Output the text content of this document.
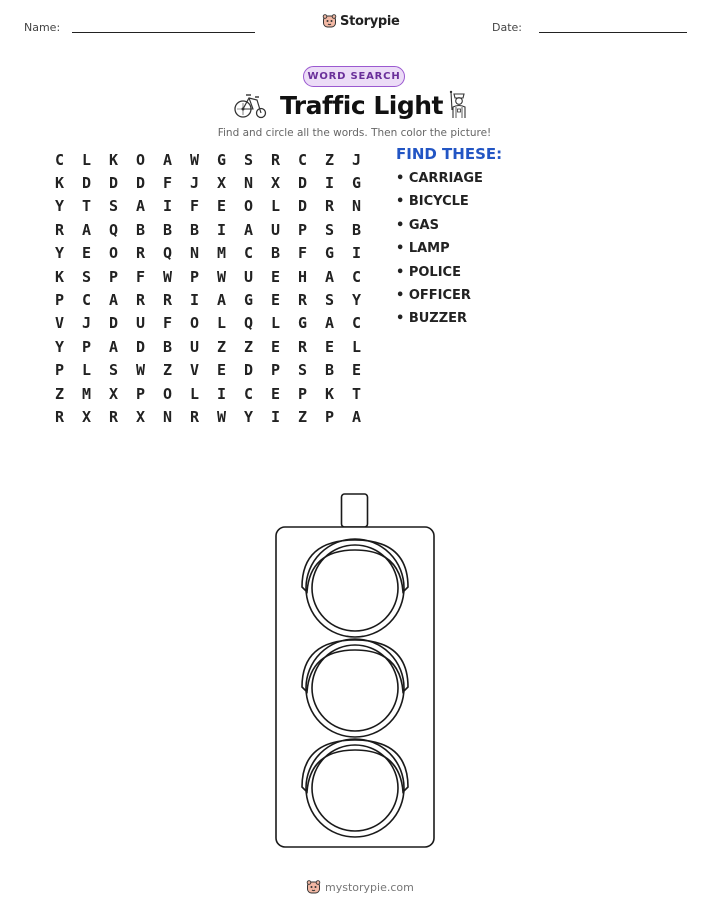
Name:	Storypie	Date:
WORD SEARCH
Traffic Light
Find and circle all the words. Then color the picture!
C	L	K	O	A	W	G	S	R	C	Z	J
K	D	D	D	F	J	X	N	X	D	I	G
Y	T	S	A	I	F	E	O	L	D	R	N
R	A	Q	B	B	B	I	A	U	P	S	B
Y	E	O	R	Q	N	M	C	B	F	G	I
K	S	P	F	W	P	W	U	E	H	A	C
P	C	A	R	R	I	A	G	E	R	S	Y
V	J	D	U	F	O	L	Q	L	G	A	C
Y	P	A	D	B	U	Z	Z	E	R	E	L
P	L	S	W	Z	V	E	D	P	S	B	E
Z	M	X	P	O	L	I	C	E	P	K	T
R	X	R	X	N	R	W	Y	I	Z	P	A
FIND THESE:
• CARRIAGE
• BICYCLE
• GAS
• LAMP
• POLICE
• OFFICER
• BUZZER
mystorypie.com
